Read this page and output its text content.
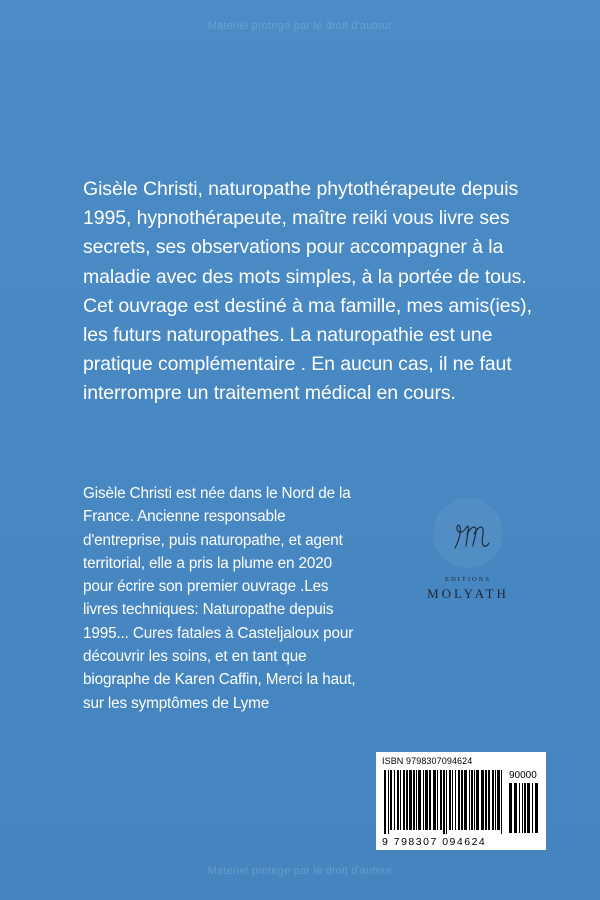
Materiel protege par le droit d'auteur
Gisèle Christi, naturopathe phytothérapeute depuis 1995, hypnothérapeute, maître reiki vous livre ses secrets, ses observations pour accompagner à la maladie avec des mots simples, à la portée de tous. Cet ouvrage est destiné à ma famille, mes amis(ies), les futurs naturopathes. La naturopathie est une pratique complémentaire . En aucun cas, il ne faut interrompre un traitement médical en cours.
Gisèle Christi est née dans le Nord de la France. Ancienne responsable d'entreprise, puis naturopathe, et agent territorial, elle a pris la plume en 2020 pour écrire son premier ouvrage .Les livres techniques: Naturopathe depuis 1995... Cures fatales à Casteljaloux pour découvrir les soins, et en tant que biographe de Karen Caffin, Merci la haut, sur les symptômes de Lyme
EDITIONS
MOLYATH
ISBN 9798307094624
90000
9 798307 094624
Materiel protege par le droit d'auteur
